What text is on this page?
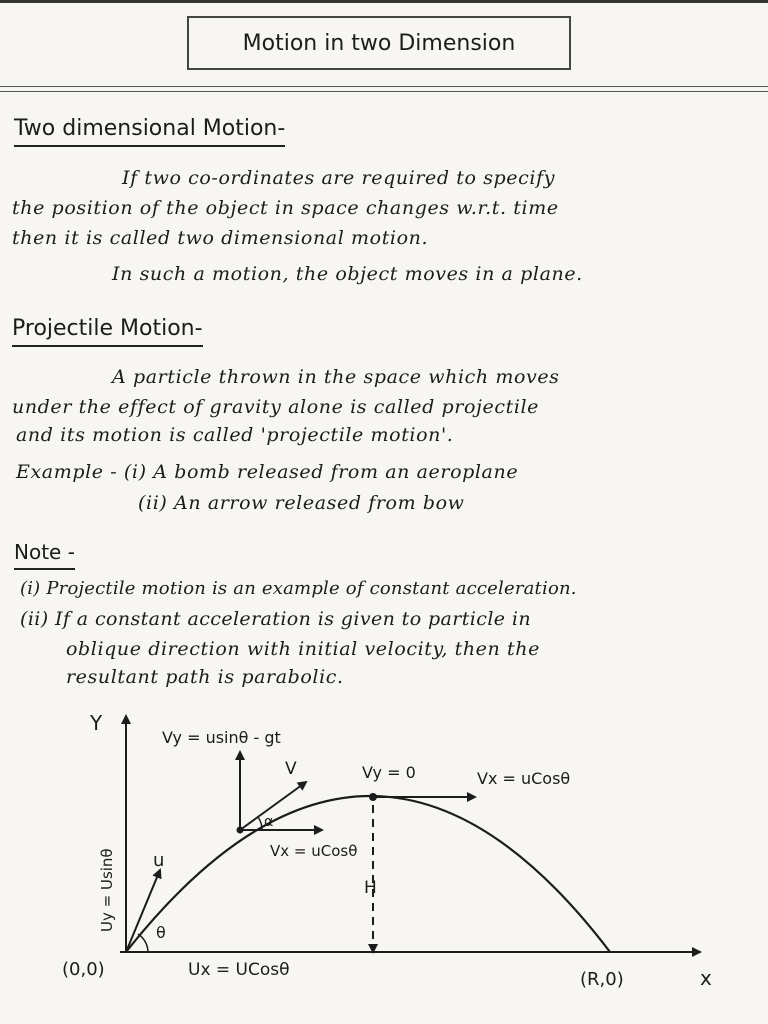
Motion in two Dimension
Two dimensional Motion-
If two co-ordinates are required to specify
the position of the object in space changes w.r.t. time
then it is called two dimensional motion.
In such a motion, the object moves in a plane.
Projectile Motion-
A particle thrown in the space which moves
under the effect of gravity alone is called projectile
and its motion is called 'projectile motion'.
Example - (i) A bomb released from an aeroplane
(ii) An arrow released from bow
Note -
(i) Projectile motion is an example of constant acceleration.
(ii) If a constant acceleration is given to particle in
oblique direction with initial velocity, then the
resultant path is parabolic.
Y
x
(0,0)	(R,0)
Vy = usinθ - gt
V
Vx = uCosθ
α
Vy = 0	Vx = uCosθ
H
u
Uy = Usinθ
θ
Ux = UCosθ
